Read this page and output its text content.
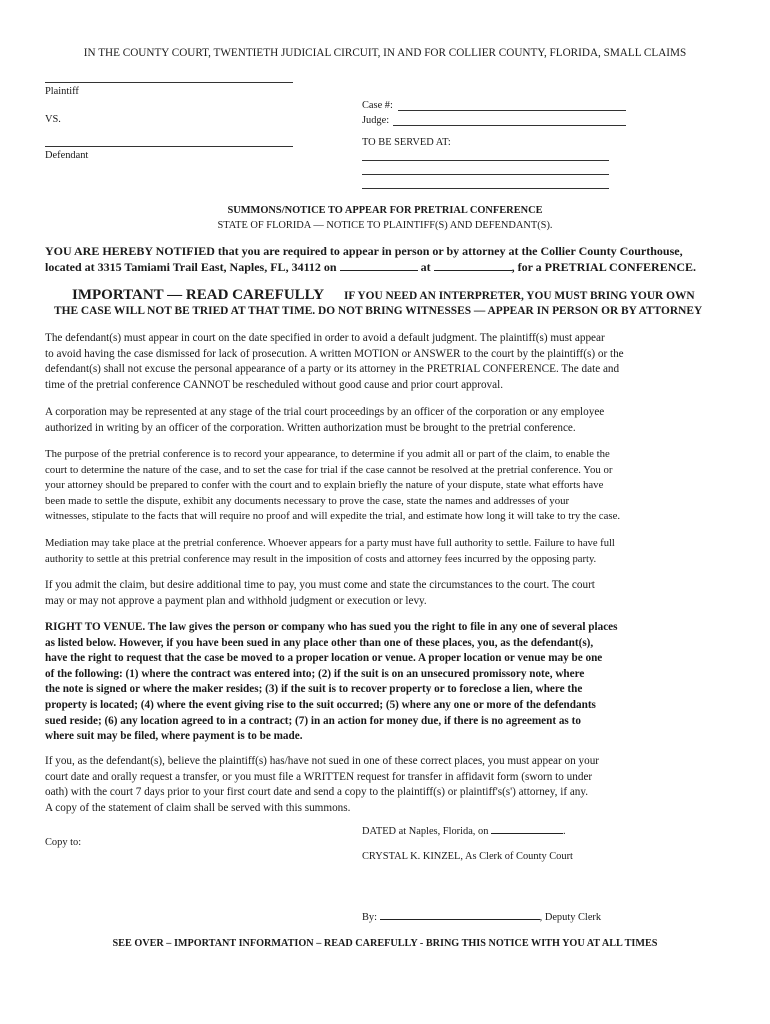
IN THE COUNTY COURT, TWENTIETH JUDICIAL CIRCUIT, IN AND FOR COLLIER COUNTY, FLORIDA, SMALL CLAIMS
Plaintiff
VS.
Defendant
Case #:
Judge:
TO BE SERVED AT:
SUMMONS/NOTICE TO APPEAR FOR PRETRIAL CONFERENCE
STATE OF FLORIDA — NOTICE TO PLAINTIFF(S) AND DEFENDANT(S).
YOU ARE HEREBY NOTIFIED that you are required to appear in person or by attorney at the Collier County Courthouse,
located at 3315 Tamiami Trail East, Naples, FL, 34112 on	at	, for a PRETRIAL CONFERENCE.
IMPORTANT — READ CAREFULLY IF YOU NEED AN INTERPRETER, YOU MUST BRING YOUR OWN
THE CASE WILL NOT BE TRIED AT THAT TIME. DO NOT BRING WITNESSES — APPEAR IN PERSON OR BY ATTORNEY
The defendant(s) must appear in court on the date specified in order to avoid a default judgment. The plaintiff(s) must appear
to avoid having the case dismissed for lack of prosecution. A written MOTION or ANSWER to the court by the plaintiff(s) or the
defendant(s) shall not excuse the personal appearance of a party or its attorney in the PRETRIAL CONFERENCE. The date and
time of the pretrial conference CANNOT be rescheduled without good cause and prior court approval.
A corporation may be represented at any stage of the trial court proceedings by an officer of the corporation or any employee
authorized in writing by an officer of the corporation. Written authorization must be brought to the pretrial conference.
The purpose of the pretrial conference is to record your appearance, to determine if you admit all or part of the claim, to enable the
court to determine the nature of the case, and to set the case for trial if the case cannot be resolved at the pretrial conference. You or
your attorney should be prepared to confer with the court and to explain briefly the nature of your dispute, state what efforts have
been made to settle the dispute, exhibit any documents necessary to prove the case, state the names and addresses of your
witnesses, stipulate to the facts that will require no proof and will expedite the trial, and estimate how long it will take to try the case.
Mediation may take place at the pretrial conference. Whoever appears for a party must have full authority to settle. Failure to have full
authority to settle at this pretrial conference may result in the imposition of costs and attorney fees incurred by the opposing party.
If you admit the claim, but desire additional time to pay, you must come and state the circumstances to the court. The court
may or may not approve a payment plan and withhold judgment or execution or levy.
RIGHT TO VENUE. The law gives the person or company who has sued you the right to file in any one of several places
as listed below. However, if you have been sued in any place other than one of these places, you, as the defendant(s),
have the right to request that the case be moved to a proper location or venue. A proper location or venue may be one
of the following: (1) where the contract was entered into; (2) if the suit is on an unsecured promissory note, where
the note is signed or where the maker resides; (3) if the suit is to recover property or to foreclose a lien, where the
property is located; (4) where the event giving rise to the suit occurred; (5) where any one or more of the defendants
sued reside; (6) any location agreed to in a contract; (7) in an action for money due, if there is no agreement as to
where suit may be filed, where payment is to be made.
If you, as the defendant(s), believe the plaintiff(s) has/have not sued in one of these correct places, you must appear on your
court date and orally request a transfer, or you must file a WRITTEN request for transfer in affidavit form (sworn to under
oath) with the court 7 days prior to your first court date and send a copy to the plaintiff(s) or plaintiff's(s') attorney, if any.
A copy of the statement of claim shall be served with this summons.
DATED at Naples, Florida, on	.
Copy to:
CRYSTAL K. KINZEL, As Clerk of County Court
By:	, Deputy Clerk
SEE OVER – IMPORTANT INFORMATION – READ CAREFULLY - BRING THIS NOTICE WITH YOU AT ALL TIMES
